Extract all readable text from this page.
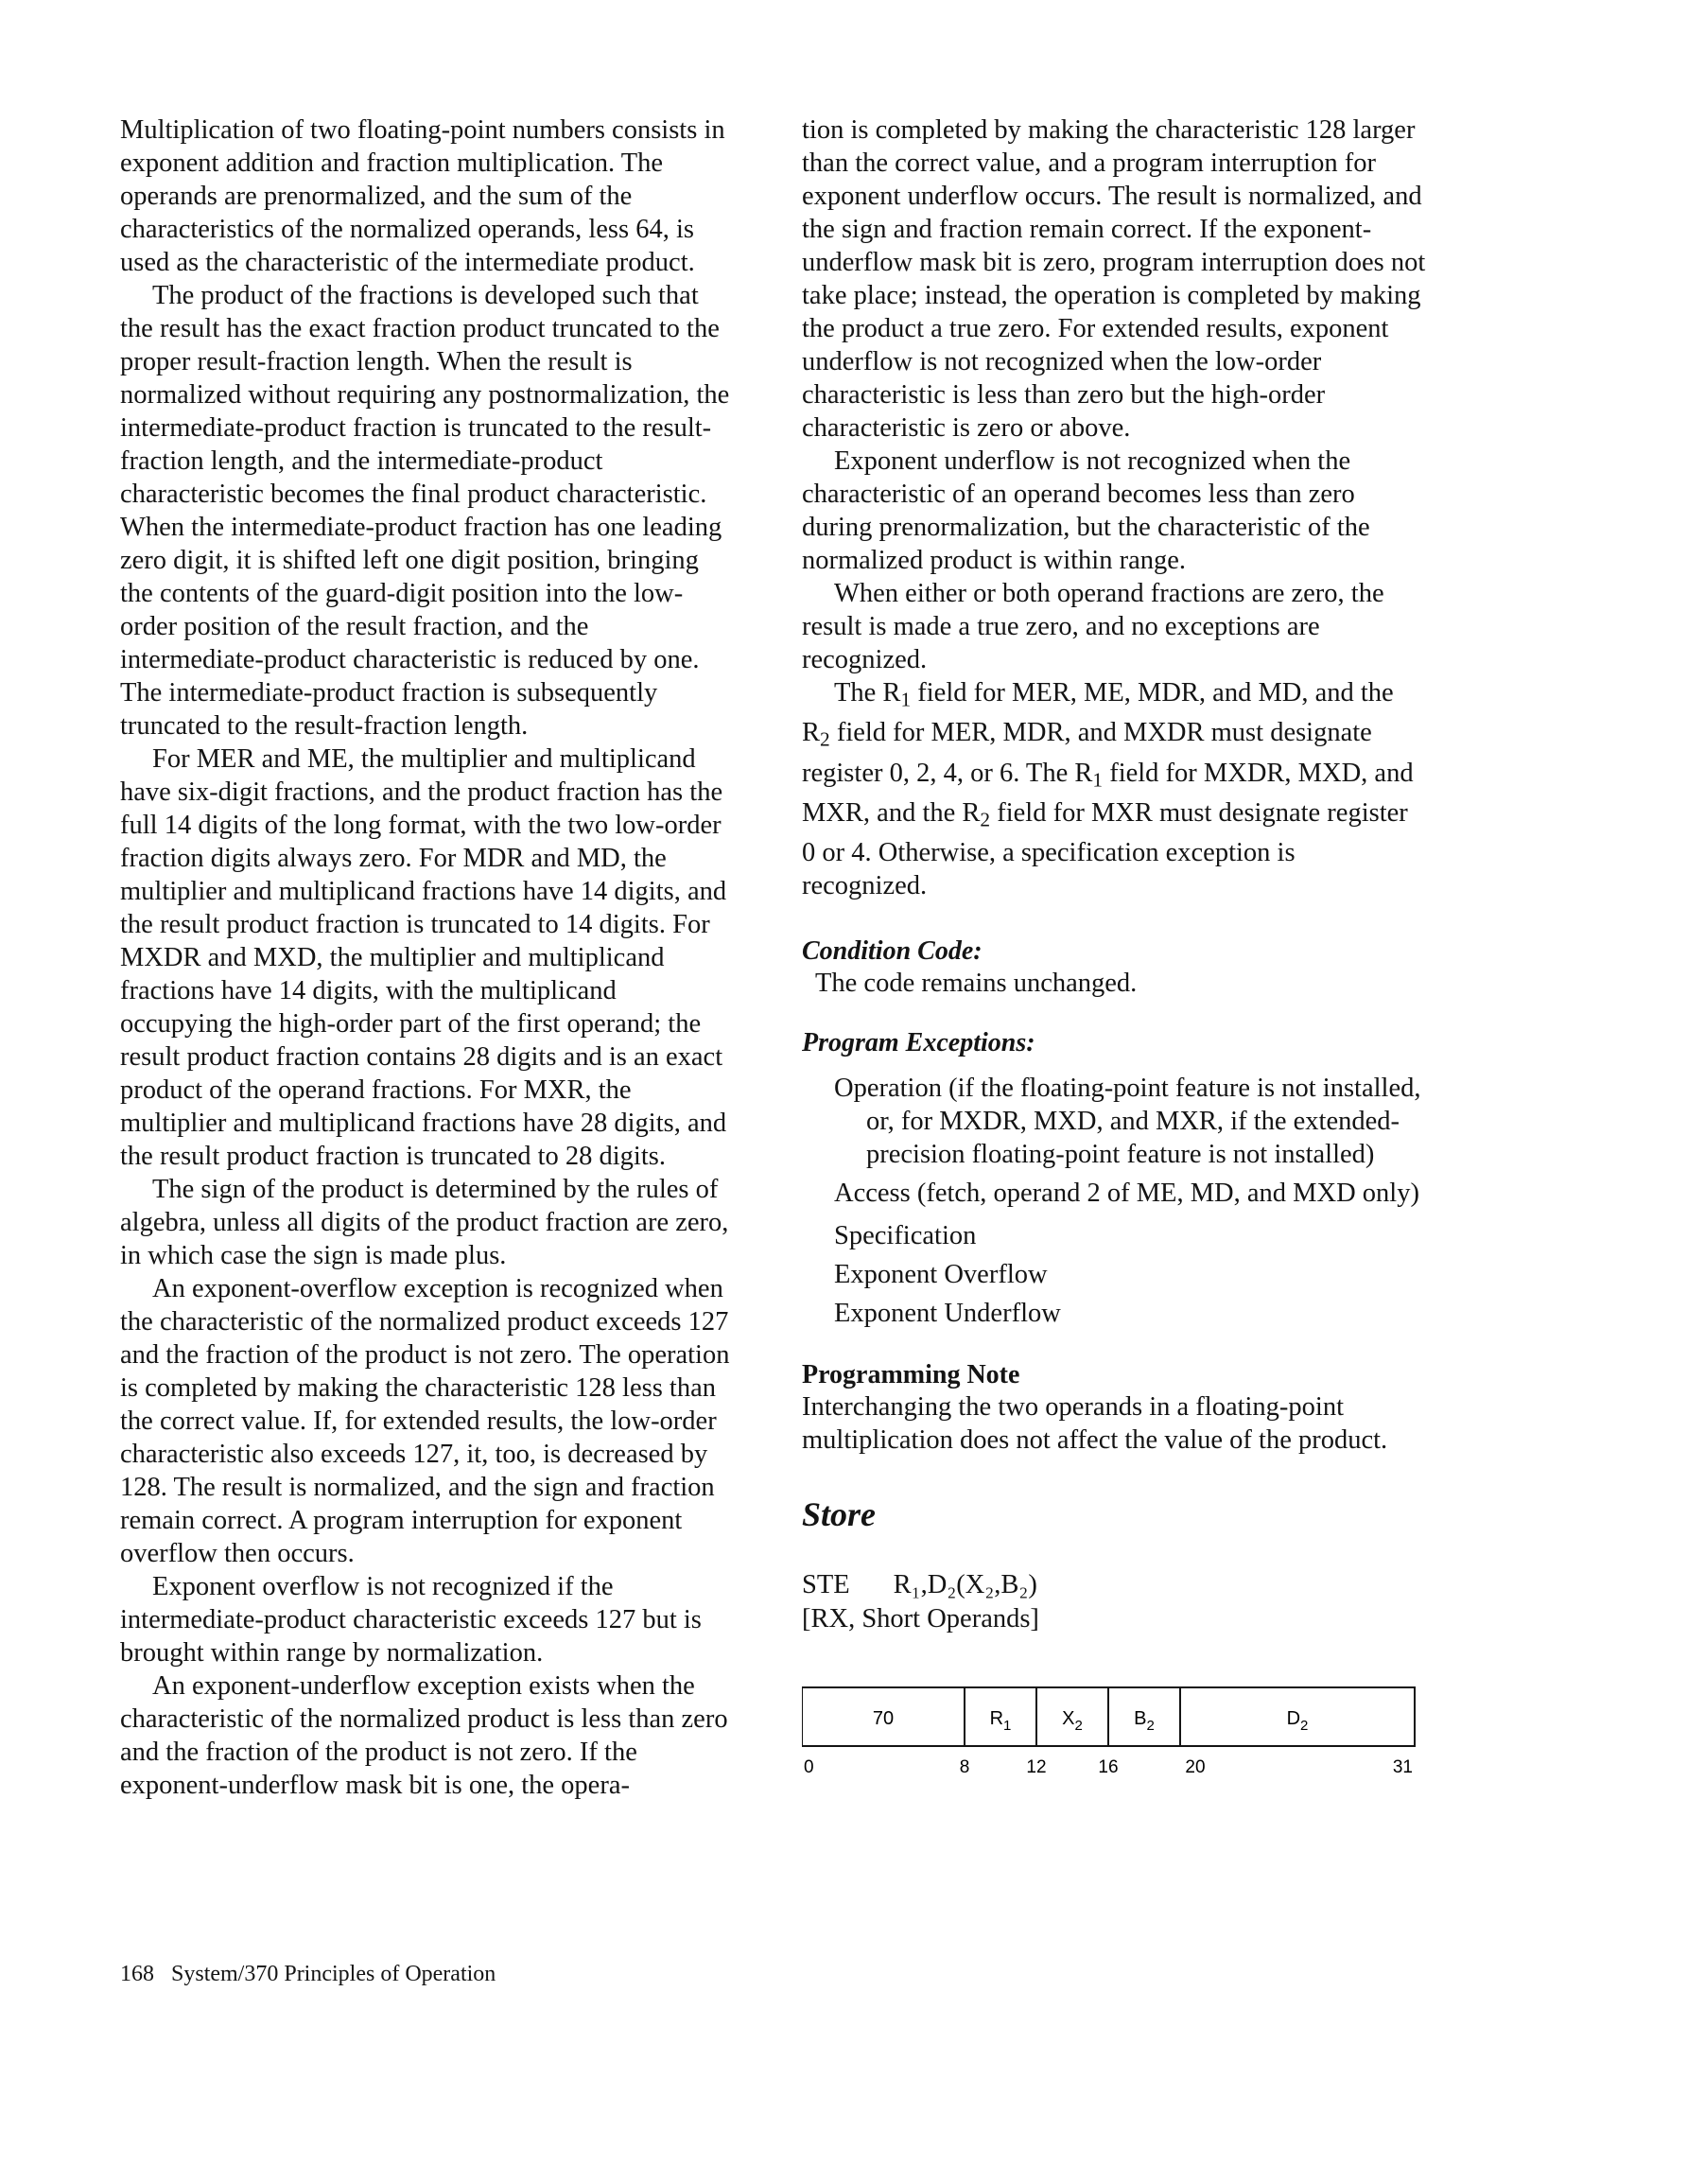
Multiplication of two floating-point numbers consists in exponent addition and fraction multiplication. The operands are prenormalized, and the sum of the characteristics of the normalized operands, less 64, is used as the characteristic of the intermediate product.

The product of the fractions is developed such that the result has the exact fraction product truncated to the proper result-fraction length. When the result is normalized without requiring any postnormalization, the intermediate-product fraction is truncated to the result-fraction length, and the intermediate-product characteristic becomes the final product characteristic. When the intermediate-product fraction has one leading zero digit, it is shifted left one digit position, bringing the contents of the guard-digit position into the low-order position of the result fraction, and the intermediate-product characteristic is reduced by one. The intermediate-product fraction is subsequently truncated to the result-fraction length.

For MER and ME, the multiplier and multiplicand have six-digit fractions, and the product fraction has the full 14 digits of the long format, with the two low-order fraction digits always zero. For MDR and MD, the multiplier and multiplicand fractions have 14 digits, and the result product fraction is truncated to 14 digits. For MXDR and MXD, the multiplier and multiplicand fractions have 14 digits, with the multiplicand occupying the high-order part of the first operand; the result product fraction contains 28 digits and is an exact product of the operand fractions. For MXR, the multiplier and multiplicand fractions have 28 digits, and the result product fraction is truncated to 28 digits.

The sign of the product is determined by the rules of algebra, unless all digits of the product fraction are zero, in which case the sign is made plus.

An exponent-overflow exception is recognized when the characteristic of the normalized product exceeds 127 and the fraction of the product is not zero. The operation is completed by making the characteristic 128 less than the correct value. If, for extended results, the low-order characteristic also exceeds 127, it, too, is decreased by 128. The result is normalized, and the sign and fraction remain correct. A program interruption for exponent overflow then occurs.

Exponent overflow is not recognized if the intermediate-product characteristic exceeds 127 but is brought within range by normalization.

An exponent-underflow exception exists when the characteristic of the normalized product is less than zero and the fraction of the product is not zero. If the exponent-underflow mask bit is one, the opera-

tion is completed by making the characteristic 128 larger than the correct value, and a program interruption for exponent underflow occurs. The result is normalized, and the sign and fraction remain correct. If the exponent-underflow mask bit is zero, program interruption does not take place; instead, the operation is completed by making the product a true zero. For extended results, exponent underflow is not recognized when the low-order characteristic is less than zero but the high-order characteristic is zero or above.

Exponent underflow is not recognized when the characteristic of an operand becomes less than zero during prenormalization, but the characteristic of the normalized product is within range.

When either or both operand fractions are zero, the result is made a true zero, and no exceptions are recognized.

The $R_1$ field for MER, ME, MDR, and MD, and the $R_2$ field for MER, MDR, and MXDR must designate register 0, 2, 4, or 6. The $R_1$ field for MXDR, MXD, and MXR, and the $R_2$ field for MXR must designate register 0 or 4. Otherwise, a specification exception is recognized.

Condition Code:

The code remains unchanged.

Program Exceptions:

Operation (if the floating-point feature is not installed, or, for MXDR, MXD, and MXR, if the extended-precision floating-point feature is not installed)

Access (fetch, operand 2 of ME, MD, and MXD only)

Specification

Exponent Overflow

Exponent Underflow

Programming Note

Interchanging the two operands in a floating-point multiplication does not affect the value of the product.

Store

STE R₁,D₂(X₂,B₂)

[RX, Short Operands]

70	$R_1$	$X_2$	$B_2$	$D_2$
0	8	12	16	20	31
168 System/370 Principles of Operation
